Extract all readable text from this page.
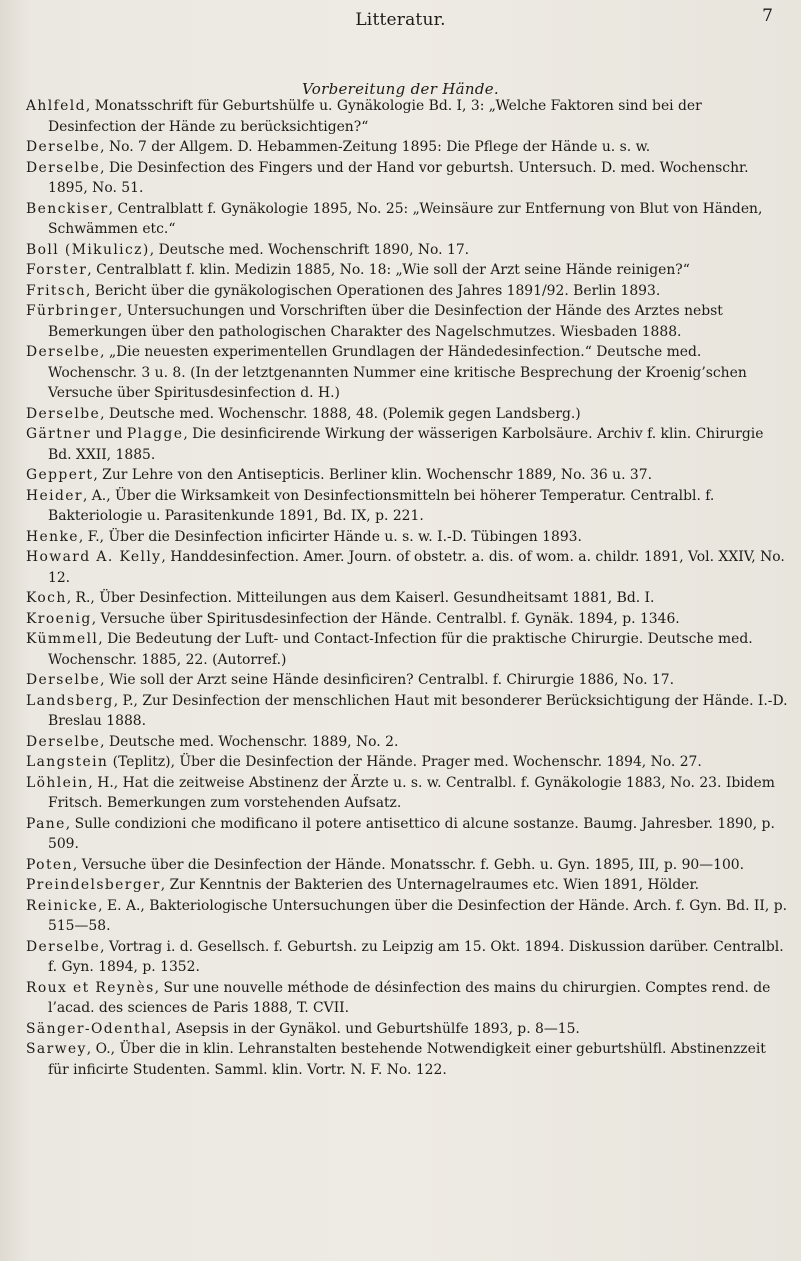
Litteratur.	7
Vorbereitung der Hände.
Ahlfeld, Monatsschrift für Geburtshülfe u. Gynäkologie Bd. I, 3: „Welche Faktoren sind bei der Desinfection der Hände zu berücksichtigen?“
Derselbe, No. 7 der Allgem. D. Hebammen-Zeitung 1895: Die Pflege der Hände u. s. w.
Derselbe, Die Desinfection des Fingers und der Hand vor geburtsh. Untersuch. D. med. Wochenschr. 1895, No. 51.
Benckiser, Centralblatt f. Gynäkologie 1895, No. 25: „Weinsäure zur Entfernung von Blut von Händen, Schwämmen etc.“
Boll (Mikulicz), Deutsche med. Wochenschrift 1890, No. 17.
Forster, Centralblatt f. klin. Medizin 1885, No. 18: „Wie soll der Arzt seine Hände reinigen?“
Fritsch, Bericht über die gynäkologischen Operationen des Jahres 1891/92. Berlin 1893.
Fürbringer, Untersuchungen und Vorschriften über die Desinfection der Hände des Arztes nebst Bemerkungen über den pathologischen Charakter des Nagelschmutzes. Wiesbaden 1888.
Derselbe, „Die neuesten experimentellen Grundlagen der Händedesinfection.“ Deutsche med. Wochenschr. 3 u. 8. (In der letztgenannten Nummer eine kritische Besprechung der Kroenig’schen Versuche über Spiritusdesinfection d. H.)
Derselbe, Deutsche med. Wochenschr. 1888, 48. (Polemik gegen Landsberg.)
Gärtner und Plagge, Die desinficirende Wirkung der wässerigen Karbolsäure. Archiv f. klin. Chirurgie Bd. XXII, 1885.
Geppert, Zur Lehre von den Antisepticis. Berliner klin. Wochenschr 1889, No. 36 u. 37.
Heider, A., Über die Wirksamkeit von Desinfectionsmitteln bei höherer Temperatur. Centralbl. f. Bakteriologie u. Parasitenkunde 1891, Bd. IX, p. 221.
Henke, F., Über die Desinfection inficirter Hände u. s. w. I.-D. Tübingen 1893.
Howard A. Kelly, Handdesinfection. Amer. Journ. of obstetr. a. dis. of wom. a. childr. 1891, Vol. XXIV, No. 12.
Koch, R., Über Desinfection. Mitteilungen aus dem Kaiserl. Gesundheitsamt 1881, Bd. I.
Kroenig, Versuche über Spiritusdesinfection der Hände. Centralbl. f. Gynäk. 1894, p. 1346.
Kümmell, Die Bedeutung der Luft- und Contact-Infection für die praktische Chirurgie. Deutsche med. Wochenschr. 1885, 22. (Autorref.)
Derselbe, Wie soll der Arzt seine Hände desinficiren? Centralbl. f. Chirurgie 1886, No. 17.
Landsberg, P., Zur Desinfection der menschlichen Haut mit besonderer Berücksichtigung der Hände. I.-D. Breslau 1888.
Derselbe, Deutsche med. Wochenschr. 1889, No. 2.
Langstein (Teplitz), Über die Desinfection der Hände. Prager med. Wochenschr. 1894, No. 27.
Löhlein, H., Hat die zeitweise Abstinenz der Ärzte u. s. w. Centralbl. f. Gynäkologie 1883, No. 23. Ibidem Fritsch. Bemerkungen zum vorstehenden Aufsatz.
Pane, Sulle condizioni che modificano il potere antisettico di alcune sostanze. Baumg. Jahresber. 1890, p. 509.
Poten, Versuche über die Desinfection der Hände. Monatsschr. f. Gebh. u. Gyn. 1895, III, p. 90—100.
Preindelsberger, Zur Kenntnis der Bakterien des Unternagelraumes etc. Wien 1891, Hölder.
Reinicke, E. A., Bakteriologische Untersuchungen über die Desinfection der Hände. Arch. f. Gyn. Bd. II, p. 515—58.
Derselbe, Vortrag i. d. Gesellsch. f. Geburtsh. zu Leipzig am 15. Okt. 1894. Diskussion darüber. Centralbl. f. Gyn. 1894, p. 1352.
Roux et Reynès, Sur une nouvelle méthode de désinfection des mains du chirurgien. Comptes rend. de l’acad. des sciences de Paris 1888, T. CVII.
Sänger-Odenthal, Asepsis in der Gynäkol. und Geburtshülfe 1893, p. 8—15.
Sarwey, O., Über die in klin. Lehranstalten bestehende Notwendigkeit einer geburtshülfl. Abstinenzzeit für inficirte Studenten. Samml. klin. Vortr. N. F. No. 122.
